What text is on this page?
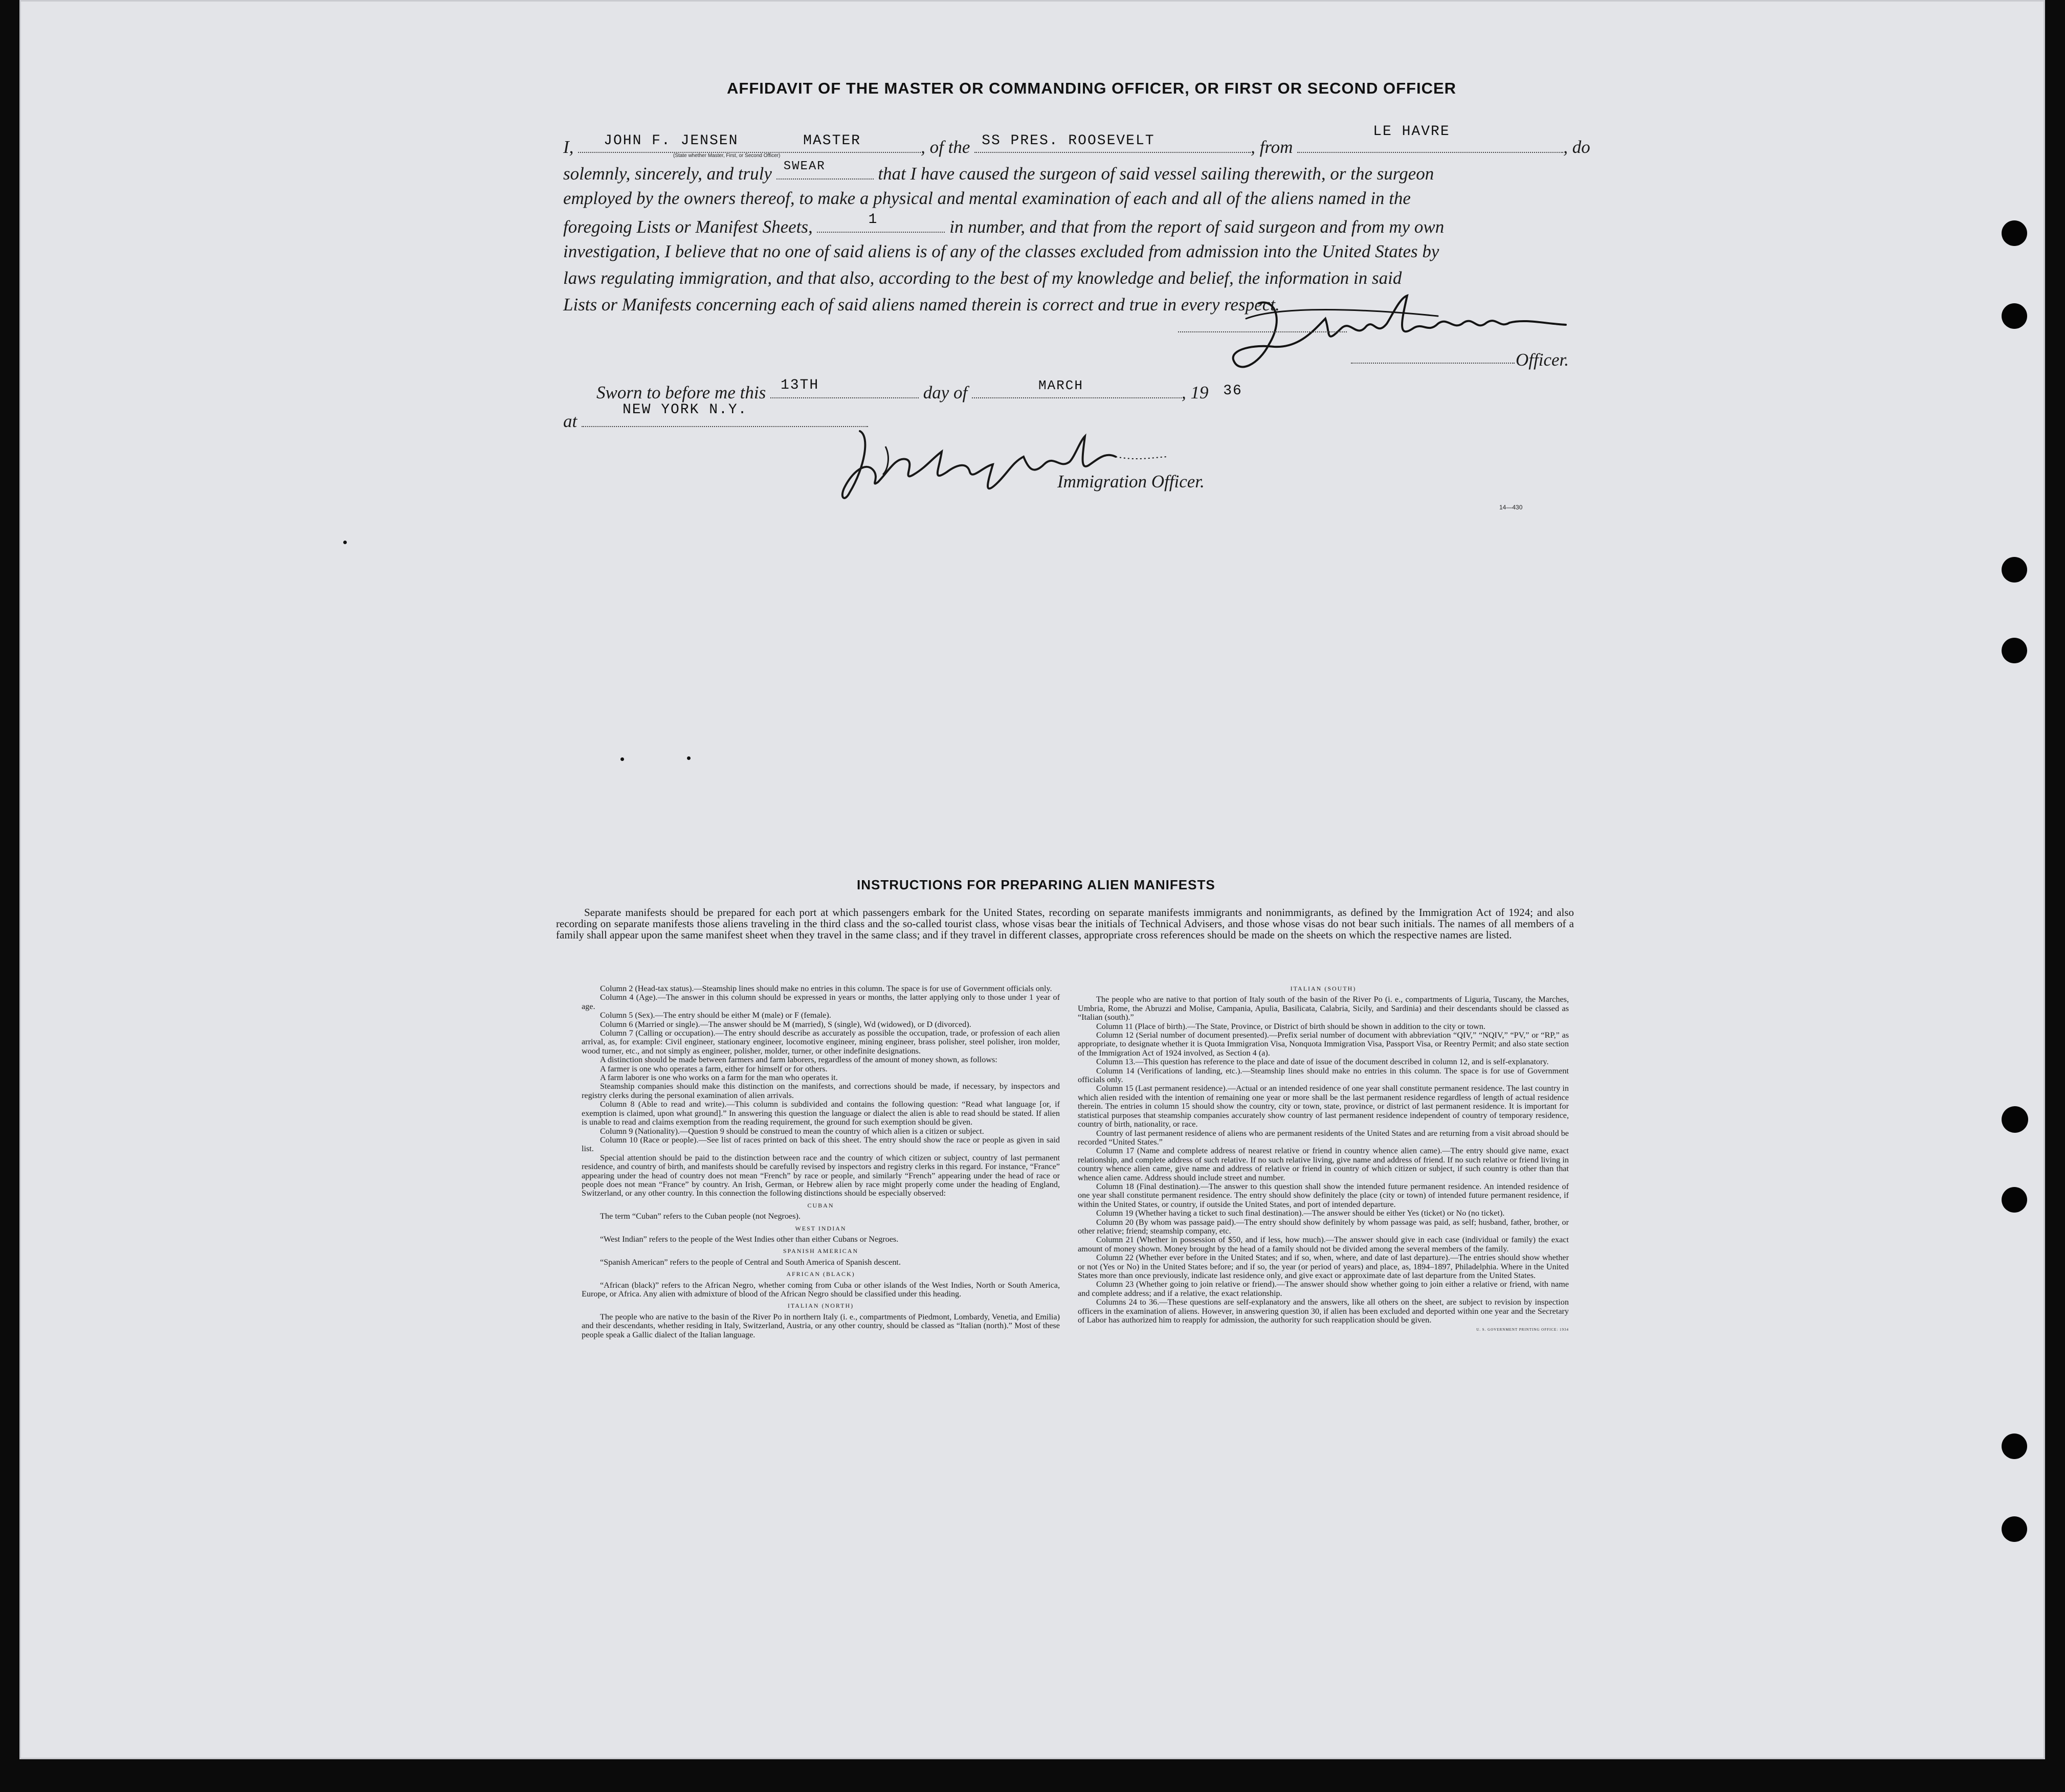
AFFIDAVIT OF THE MASTER OR COMMANDING OFFICER, OR FIRST OR SECOND OFFICER
I, JOHN F. JENSEN	MASTER	, of the SS PRES. ROOSEVELT	, from
LE HAVRE
, do
(State whether Master, First, or Second Officer)
solemnly, sincerely, and truly SWEAR	that I have caused the surgeon of said vessel sailing therewith, or the surgeon
employed by the owners thereof, to make a physical and mental examination of each and all of the aliens named in the
foregoing Lists or Manifest Sheets,	1	in number, and that from the report of said surgeon and from my own
investigation, I believe that no one of said aliens is of any of the classes excluded from admission into the United States by
laws regulating immigration, and that also, according to the best of my knowledge and belief, the information in said
Lists or Manifests concerning each of said aliens named therein is correct and true in every respect.
Officer.
Sworn to before me this 13TH	day of	MARCH	, 19 $^{36}$
at
NEW YORK N.Y.
Immigration Officer.
14—430
INSTRUCTIONS FOR PREPARING ALIEN MANIFESTS

Separate manifests should be prepared for each port at which passengers embark for the United States, recording on separate manifests immigrants and nonimmigrants, as defined by the Immigration Act of 1924; and also recording on separate manifests those aliens traveling in the third class and the so-called tourist class, whose visas bear the initials of Technical Advisers, and those whose visas do not bear such initials. The names of all members of a family shall appear upon the same manifest sheet when they travel in the same class; and if they travel in different classes, appropriate cross references should be made on the sheets on which the respective names are listed.

Column 2 (Head-tax status).—Steamship lines should make no entries in this column. The space is for use of Government officials only.

Column 4 (Age).—The answer in this column should be expressed in years or months, the latter applying only to those under 1 year of age.

Column 5 (Sex).—The entry should be either M (male) or F (female).

Column 6 (Married or single).—The answer should be M (married), S (single), Wd (widowed), or D (divorced).

Column 7 (Calling or occupation).—The entry should describe as accurately as possible the occupation, trade, or profession of each alien arrival, as, for example: Civil engineer, stationary engineer, locomotive engineer, mining engineer, brass polisher, steel polisher, iron molder, wood turner, etc., and not simply as engineer, polisher, molder, turner, or other indefinite designations.

A distinction should be made between farmers and farm laborers, regardless of the amount of money shown, as follows:

A farmer is one who operates a farm, either for himself or for others.

A farm laborer is one who works on a farm for the man who operates it.

Steamship companies should make this distinction on the manifests, and corrections should be made, if necessary, by inspectors and registry clerks during the personal examination of alien arrivals.

Column 8 (Able to read and write).—This column is subdivided and contains the following question: “Read what language [or, if exemption is claimed, upon what ground].” In answering this question the language or dialect the alien is able to read should be stated. If alien is unable to read and claims exemption from the reading requirement, the ground for such exemption should be given.

Column 9 (Nationality).—Question 9 should be construed to mean the country of which alien is a citizen or subject.

Column 10 (Race or people).—See list of races printed on back of this sheet. The entry should show the race or people as given in said list.

Special attention should be paid to the distinction between race and the country of which citizen or subject, country of last permanent residence, and country of birth, and manifests should be carefully revised by inspectors and registry clerks in this regard. For instance, “France” appearing under the head of country does not mean “French” by race or people, and similarly “French” appearing under the head of race or people does not mean “France” by country. An Irish, German, or Hebrew alien by race might properly come under the heading of England, Switzerland, or any other country. In this connection the following distinctions should be especially observed:

CUBAN

The term “Cuban” refers to the Cuban people (not Negroes).

WEST INDIAN

“West Indian” refers to the people of the West Indies other than either Cubans or Negroes.

SPANISH AMERICAN

“Spanish American” refers to the people of Central and South America of Spanish descent.

AFRICAN (BLACK)

“African (black)” refers to the African Negro, whether coming from Cuba or other islands of the West Indies, North or South America, Europe, or Africa. Any alien with admixture of blood of the African Negro should be classified under this heading.

ITALIAN (NORTH)

The people who are native to the basin of the River Po in northern Italy (i. e., compartments of Piedmont, Lombardy, Venetia, and Emilia) and their descendants, whether residing in Italy, Switzerland, Austria, or any other country, should be classed as “Italian (north).” Most of these people speak a Gallic dialect of the Italian language.

ITALIAN (SOUTH)

The people who are native to that portion of Italy south of the basin of the River Po (i. e., compartments of Liguria, Tuscany, the Marches, Umbria, Rome, the Abruzzi and Molise, Campania, Apulia, Basilicata, Calabria, Sicily, and Sardinia) and their descendants should be classed as “Italian (south).”

Column 11 (Place of birth).—The State, Province, or District of birth should be shown in addition to the city or town.

Column 12 (Serial number of document presented).—Prefix serial number of document with abbreviation “QIV,” “NQIV,” “PV,” or “RP,” as appropriate, to designate whether it is Quota Immigration Visa, Nonquota Immigration Visa, Passport Visa, or Reentry Permit; and also state section of the Immigration Act of 1924 involved, as Section 4 (a).

Column 13.—This question has reference to the place and date of issue of the document described in column 12, and is self-explanatory.

Column 14 (Verifications of landing, etc.).—Steamship lines should make no entries in this column. The space is for use of Government officials only.

Column 15 (Last permanent residence).—Actual or an intended residence of one year shall constitute permanent residence. The last country in which alien resided with the intention of remaining one year or more shall be the last permanent residence regardless of length of actual residence therein. The entries in column 15 should show the country, city or town, state, province, or district of last permanent residence. It is important for statistical purposes that steamship companies accurately show country of last permanent residence independent of country of temporary residence, country of birth, nationality, or race.

Country of last permanent residence of aliens who are permanent residents of the United States and are returning from a visit abroad should be recorded “United States.”

Column 17 (Name and complete address of nearest relative or friend in country whence alien came).—The entry should give name, exact relationship, and complete address of such relative. If no such relative living, give name and address of friend. If no such relative or friend living in country whence alien came, give name and address of relative or friend in country of which citizen or subject, if such country is other than that whence alien came. Address should include street and number.

Column 18 (Final destination).—The answer to this question shall show the intended future permanent residence. An intended residence of one year shall constitute permanent residence. The entry should show definitely the place (city or town) of intended future permanent residence, if within the United States, or country, if outside the United States, and port of intended departure.

Column 19 (Whether having a ticket to such final destination).—The answer should be either Yes (ticket) or No (no ticket).

Column 20 (By whom was passage paid).—The entry should show definitely by whom passage was paid, as self; husband, father, brother, or other relative; friend; steamship company, etc.

Column 21 (Whether in possession of $50, and if less, how much).—The answer should give in each case (individual or family) the exact amount of money shown. Money brought by the head of a family should not be divided among the several members of the family.

Column 22 (Whether ever before in the United States; and if so, when, where, and date of last departure).—The entries should show whether or not (Yes or No) in the United States before; and if so, the year (or period of years) and place, as, 1894–1897, Philadelphia. Where in the United States more than once previously, indicate last residence only, and give exact or approximate date of last departure from the United States.

Column 23 (Whether going to join relative or friend).—The answer should show whether going to join either a relative or friend, with name and complete address; and if a relative, the exact relationship.

Columns 24 to 36.—These questions are self-explanatory and the answers, like all others on the sheet, are subject to revision by inspection officers in the examination of aliens. However, in answering question 30, if alien has been excluded and deported within one year and the Secretary of Labor has authorized him to reapply for admission, the authority for such reapplication should be given.

U. S. GOVERNMENT PRINTING OFFICE: 1934
